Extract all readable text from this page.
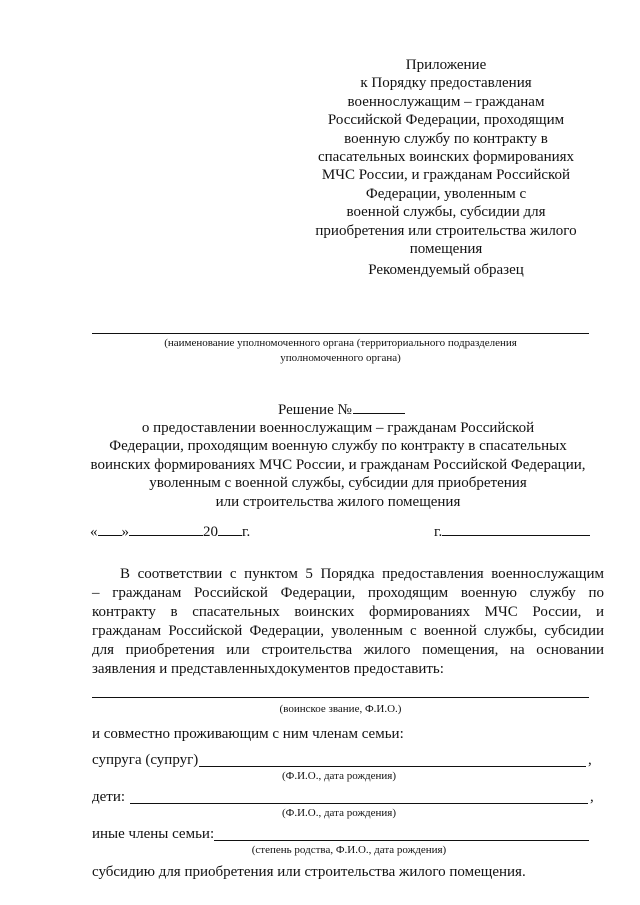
Приложение
к Порядку предоставления
военнослужащим – гражданам
Российской Федерации, проходящим
военную службу по контракту в
спасательных воинских формированиях
МЧС России, и гражданам Российской
Федерации, уволенным с
военной службы, субсидии для
приобретения или строительства жилого
помещения
Рекомендуемый образец
(наименование уполномоченного органа (территориального подразделения
уполномоченного органа)
Решение №
о предоставлении военнослужащим – гражданам Российской
Федерации, проходящим военную службу по контракту в спасательных
воинских формированиях МЧС России, и гражданам Российской Федерации,
уволенным с военной службы, субсидии для приобретения
или строительства жилого помещения
« »	20 г.	г.
В соответствии с пунктом 5 Порядка предоставления военнослужащим
– гражданам Российской Федерации, проходящим военную службу по
контракту в спасательных воинских формированиях МЧС России, и
гражданам Российской Федерации, уволенным с военной службы, субсидии
для приобретения или строительства жилого помещения, на основании
заявления и представленныхдокументов предоставить:
(воинское звание, Ф.И.О.)
и совместно проживающим с ним членам семьи:
супруга (супруг)	,
(Ф.И.О., дата рождения)
дети:	,
(Ф.И.О., дата рождения)
иные члены семьи:
(степень родства, Ф.И.О., дата рождения)
субсидию для приобретения или строительства жилого помещения.
